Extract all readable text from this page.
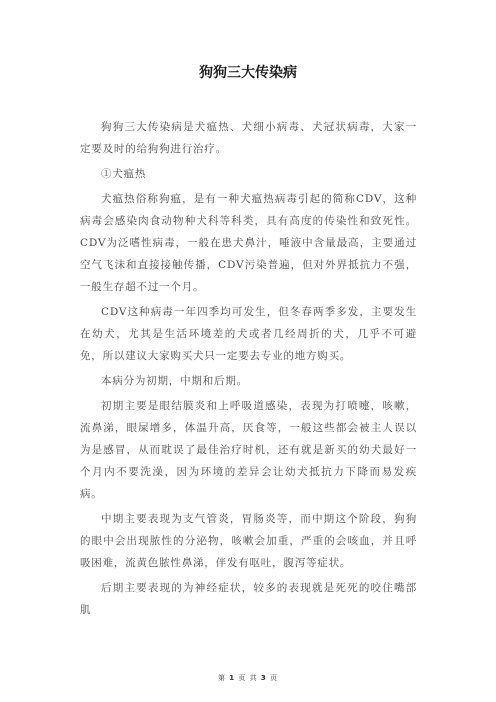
狗狗三大传染病

狗狗三大传染病是犬瘟热、犬细小病毒、犬冠状病毒，大家一定要及时的给狗狗进行治疗。

①犬瘟热

犬瘟热俗称狗瘟，是有一种犬瘟热病毒引起的简称CDV，这种病毒会感染肉食动物种犬科等科类，具有高度的传染性和致死性。CDV为泛嗜性病毒，一般在患犬鼻汁，唾液中含量最高，主要通过空气飞沫和直接接触传播，CDV污染普遍，但对外界抵抗力不强，一般生存超不过一个月。

CDV这种病毒一年四季均可发生，但冬春两季多发，主要发生在幼犬，尤其是生活环境差的犬或者几经周折的犬，几乎不可避免，所以建议大家购买犬只一定要去专业的地方购买。

本病分为初期，中期和后期。

初期主要是眼结膜炎和上呼吸道感染，表现为打喷嚏，咳嗽，流鼻涕，眼屎增多，体温升高，厌食等，一般这些都会被主人误以为是感冒，从而耽误了最佳治疗时机，还有就是新买的幼犬最好一个月内不要洗澡，因为环境的差异会让幼犬抵抗力下降而易发疾病。

中期主要表现为支气管炎，胃肠炎等，而中期这个阶段，狗狗的眼中会出现脓性的分泌物，咳嗽会加重，严重的会咳血，并且呼吸困难，流黄色脓性鼻涕，伴发有呕吐，腹泻等症状。

后期主要表现的为神经症状，较多的表现就是死死的咬住嘴部肌

第 1 页 共 3 页
